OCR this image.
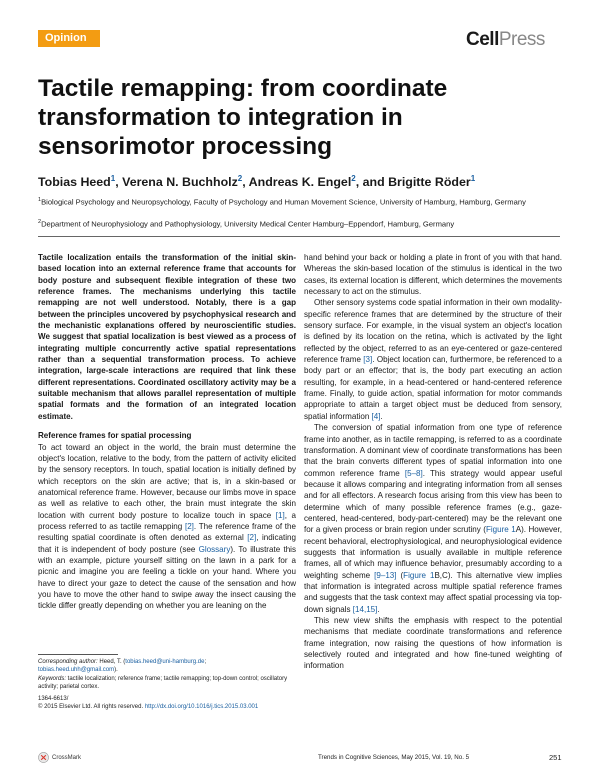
Opinion	CellPress
Tactile remapping: from coordinate transformation to integration in sensorimotor processing
Tobias Heed$^1$, Verena N. Buchholz$^2$, Andreas K. Engel$^2$, and Brigitte Röder$^1$
$^1$Biological Psychology and Neuropsychology, Faculty of Psychology and Human Movement Science, University of Hamburg, Hamburg, Germany
$^2$Department of Neurophysiology and Pathophysiology, University Medical Center Hamburg–Eppendorf, Hamburg, Germany

Tactile localization entails the transformation of the initial skin-based location into an external reference frame that accounts for body posture and subsequent flexible integration of these two reference frames. The mechanisms underlying this tactile remapping are not well understood. Notably, there is a gap between the principles uncovered by psychophysical research and the mechanistic explanations offered by neuroscientific studies. We suggest that spatial localization is best viewed as a process of integrating multiple concurrently active spatial representations rather than a sequential transformation process. To achieve integration, large-scale interactions are required that link these different representations. Coordinated oscillatory activity may be a suitable mechanism that allows parallel representation of multiple spatial formats and the formation of an integrated location estimate.

Reference frames for spatial processing

To act toward an object in the world, the brain must determine the object's location, relative to the body, from the pattern of activity elicited by the sensory receptors. In touch, spatial location is initially defined by which receptors on the skin are active; that is, in a skin-based or anatomical reference frame. However, because our limbs move in space as well as relative to each other, the brain must integrate the skin location with current body posture to localize touch in space [1], a process referred to as tactile remapping [2]. The reference frame of the resulting spatial coordinate is often denoted as external [2], indicating that it is independent of body posture (see Glossary). To illustrate this with an example, picture yourself sitting on the lawn in a park for a picnic and imagine you are feeling a tickle on your hand. Where you have to direct your gaze to detect the cause of the sensation and how you have to move the other hand to swipe away the insect causing the tickle differ greatly depending on whether you are leaning on the

hand behind your back or holding a plate in front of you with that hand. Whereas the skin-based location of the stimulus is identical in the two cases, its external location is different, which determines the movements necessary to act on the stimulus.

Other sensory systems code spatial information in their own modality-specific reference frames that are determined by the structure of their sensory surface. For example, in the visual system an object's location is defined by its location on the retina, which is activated by the light reflected by the object, referred to as an eye-centered or gaze-centered reference frame [3]. Object location can, furthermore, be referenced to a body part or an effector; that is, the body part executing an action resulting, for example, in a head-centered or hand-centered reference frame. Finally, to guide action, spatial information for motor commands appropriate to attain a target object must be deduced from sensory, spatial information [4].

The conversion of spatial information from one type of reference frame into another, as in tactile remapping, is referred to as a coordinate transformation. A dominant view of coordinate transformations has been that the brain converts different types of spatial information into one common reference frame [5–8]. This strategy would appear useful because it allows comparing and integrating information from all senses and for all effectors. A research focus arising from this view has been to determine which of many possible reference frames (e.g., gaze-centered, head-centered, body-part-centered) may be the relevant one for a given process or brain region under scrutiny (Figure 1A). However, recent behavioral, electrophysiological, and neurophysiological evidence suggests that information is usually available in multiple reference frames, all of which may influence behavior, presumably according to a weighting scheme [9–13] (Figure 1B,C). This alternative view implies that information is integrated across multiple spatial reference frames and suggests that the task context may affect spatial processing via top-down signals [14,15].

This new view shifts the emphasis with respect to the potential mechanisms that mediate coordinate transformations and reference frame integration, now raising the questions of how information is selectively routed and integrated and how fine-tuned weighting of information

Corresponding author: Heed, T. (tobias.heed@uni-hamburg.de;
tobias.heed.uhh@gmail.com).
Keywords: tactile localization; reference frame; tactile remapping; top-down control; oscillatory activity; parietal cortex.
1364-6613/
© 2015 Elsevier Ltd. All rights reserved. http://dx.doi.org/10.1016/j.tics.2015.03.001
CrossMark	Trends in Cognitive Sciences, May 2015, Vol. 19, No. 5	251
